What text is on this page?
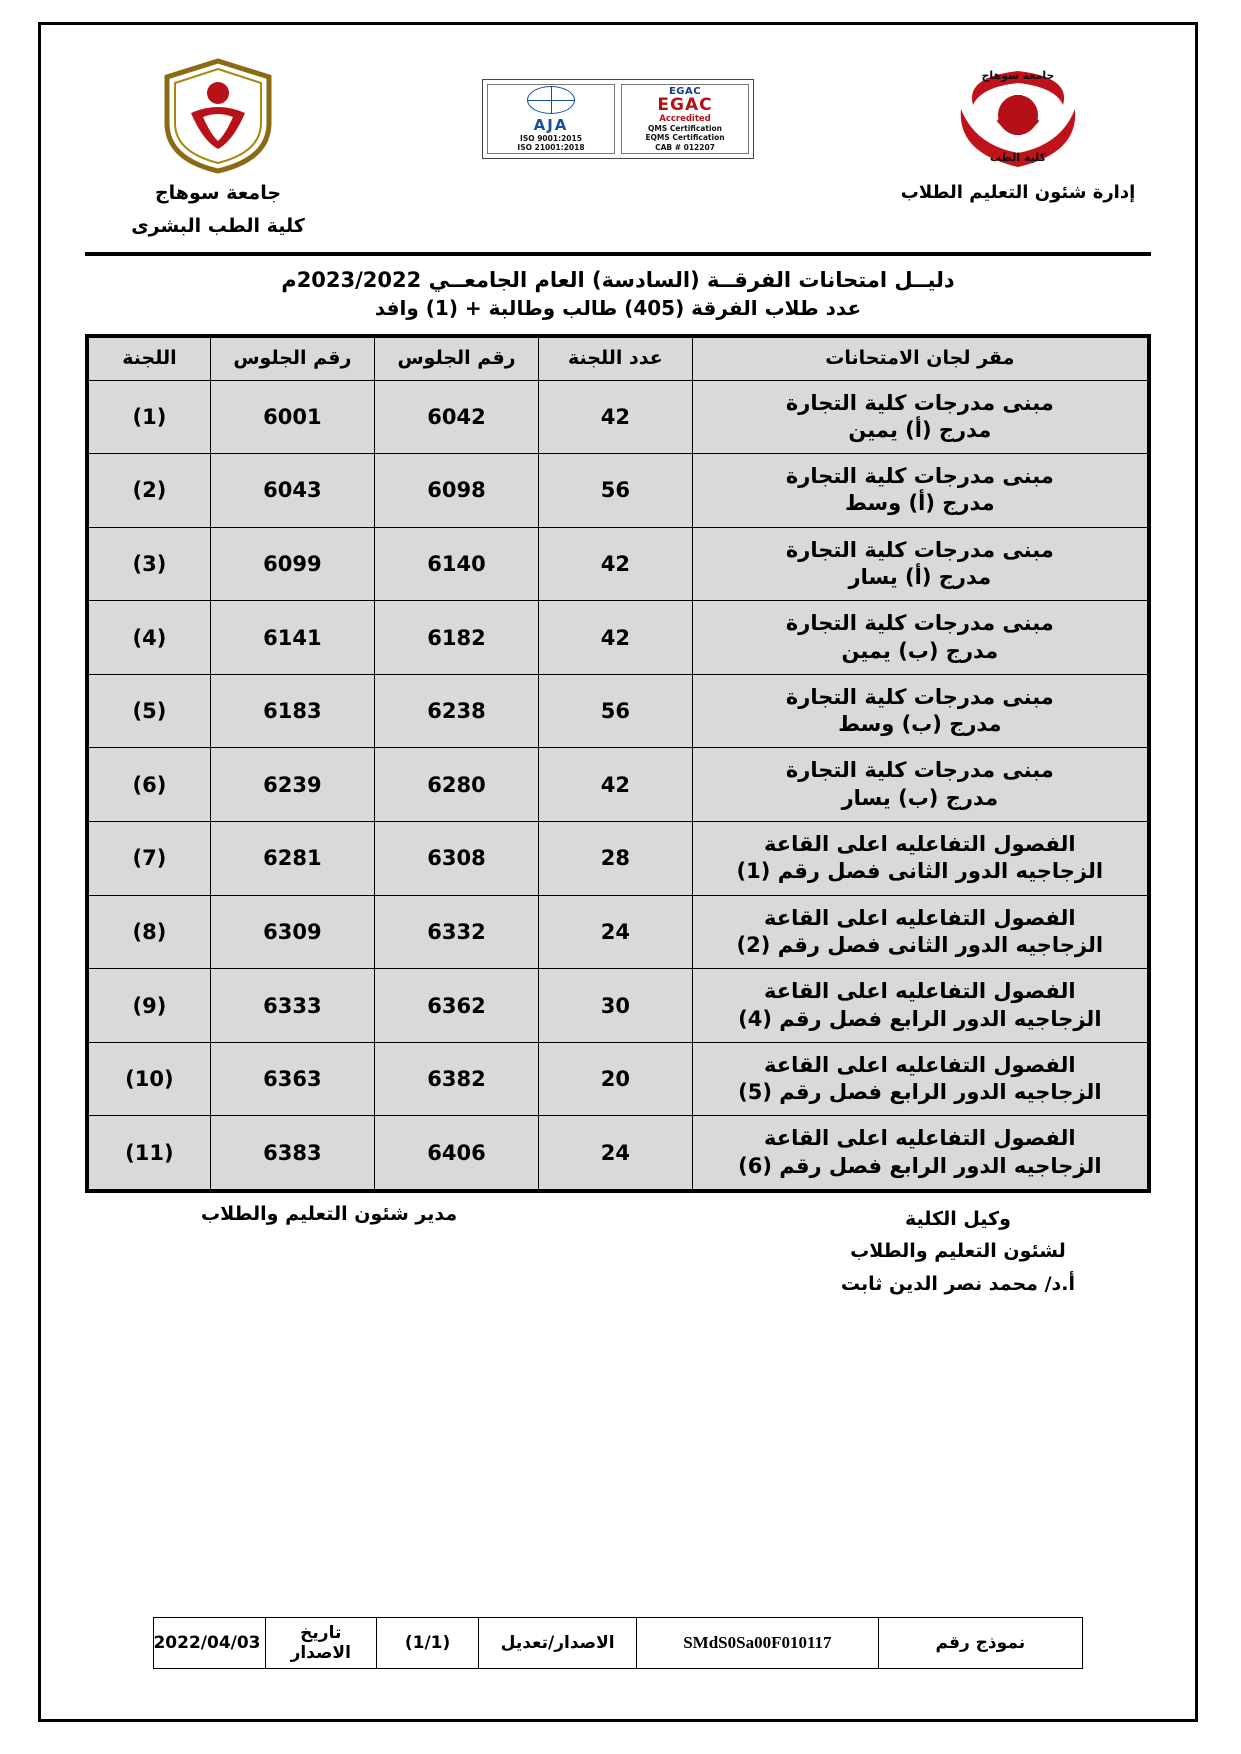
جامعة سوهاج
كلية الطب
إدارة شئون التعليم الطلاب
EGAC
EGAC
Accredited
QMS Certification
EQMS Certification
CAB # 012207
AJA
ISO 9001:2015
ISO 21001:2018
جامعة سوهاج
كلية الطب البشرى
دليــل امتحانات الفرقــة (السادسة) العام الجامعــي 2023/2022م
عدد طلاب الفرقة (405) طالب وطالبة + (1) وافد
مقر لجان الامتحانات	عدد اللجنة	رقم الجلوس	رقم الجلوس	اللجنة

مبنى مدرجات كلية التجارة
مدرج (أ) يمين	42	6042	6001	(1)

مبنى مدرجات كلية التجارة
مدرج (أ) وسط	56	6098	6043	(2)

مبنى مدرجات كلية التجارة
مدرج (أ) يسار	42	6140	6099	(3)

مبنى مدرجات كلية التجارة
مدرج (ب) يمين	42	6182	6141	(4)

مبنى مدرجات كلية التجارة
مدرج (ب) وسط	56	6238	6183	(5)

مبنى مدرجات كلية التجارة
مدرج (ب) يسار	42	6280	6239	(6)

الفصول التفاعليه اعلى القاعة
الزجاجيه الدور الثانى فصل رقم (1)	28	6308	6281	(7)

الفصول التفاعليه اعلى القاعة
الزجاجيه الدور الثانى فصل رقم (2)	24	6332	6309	(8)

الفصول التفاعليه اعلى القاعة
الزجاجيه الدور الرابع فصل رقم (4)	30	6362	6333	(9)

الفصول التفاعليه اعلى القاعة
الزجاجيه الدور الرابع فصل رقم (5)	20	6382	6363	(10)

الفصول التفاعليه اعلى القاعة
الزجاجيه الدور الرابع فصل رقم (6)	24	6406	6383	(11)
مدير شئون التعليم والطلاب	وكيل الكلية
لشئون التعليم والطلاب
أ.د/ محمد نصر الدين ثابت
نموذج رقم	SMdS0Sa00F010117	الاصدار/تعديل	(1/1)	تاريخ الاصدار	2022/04/03
